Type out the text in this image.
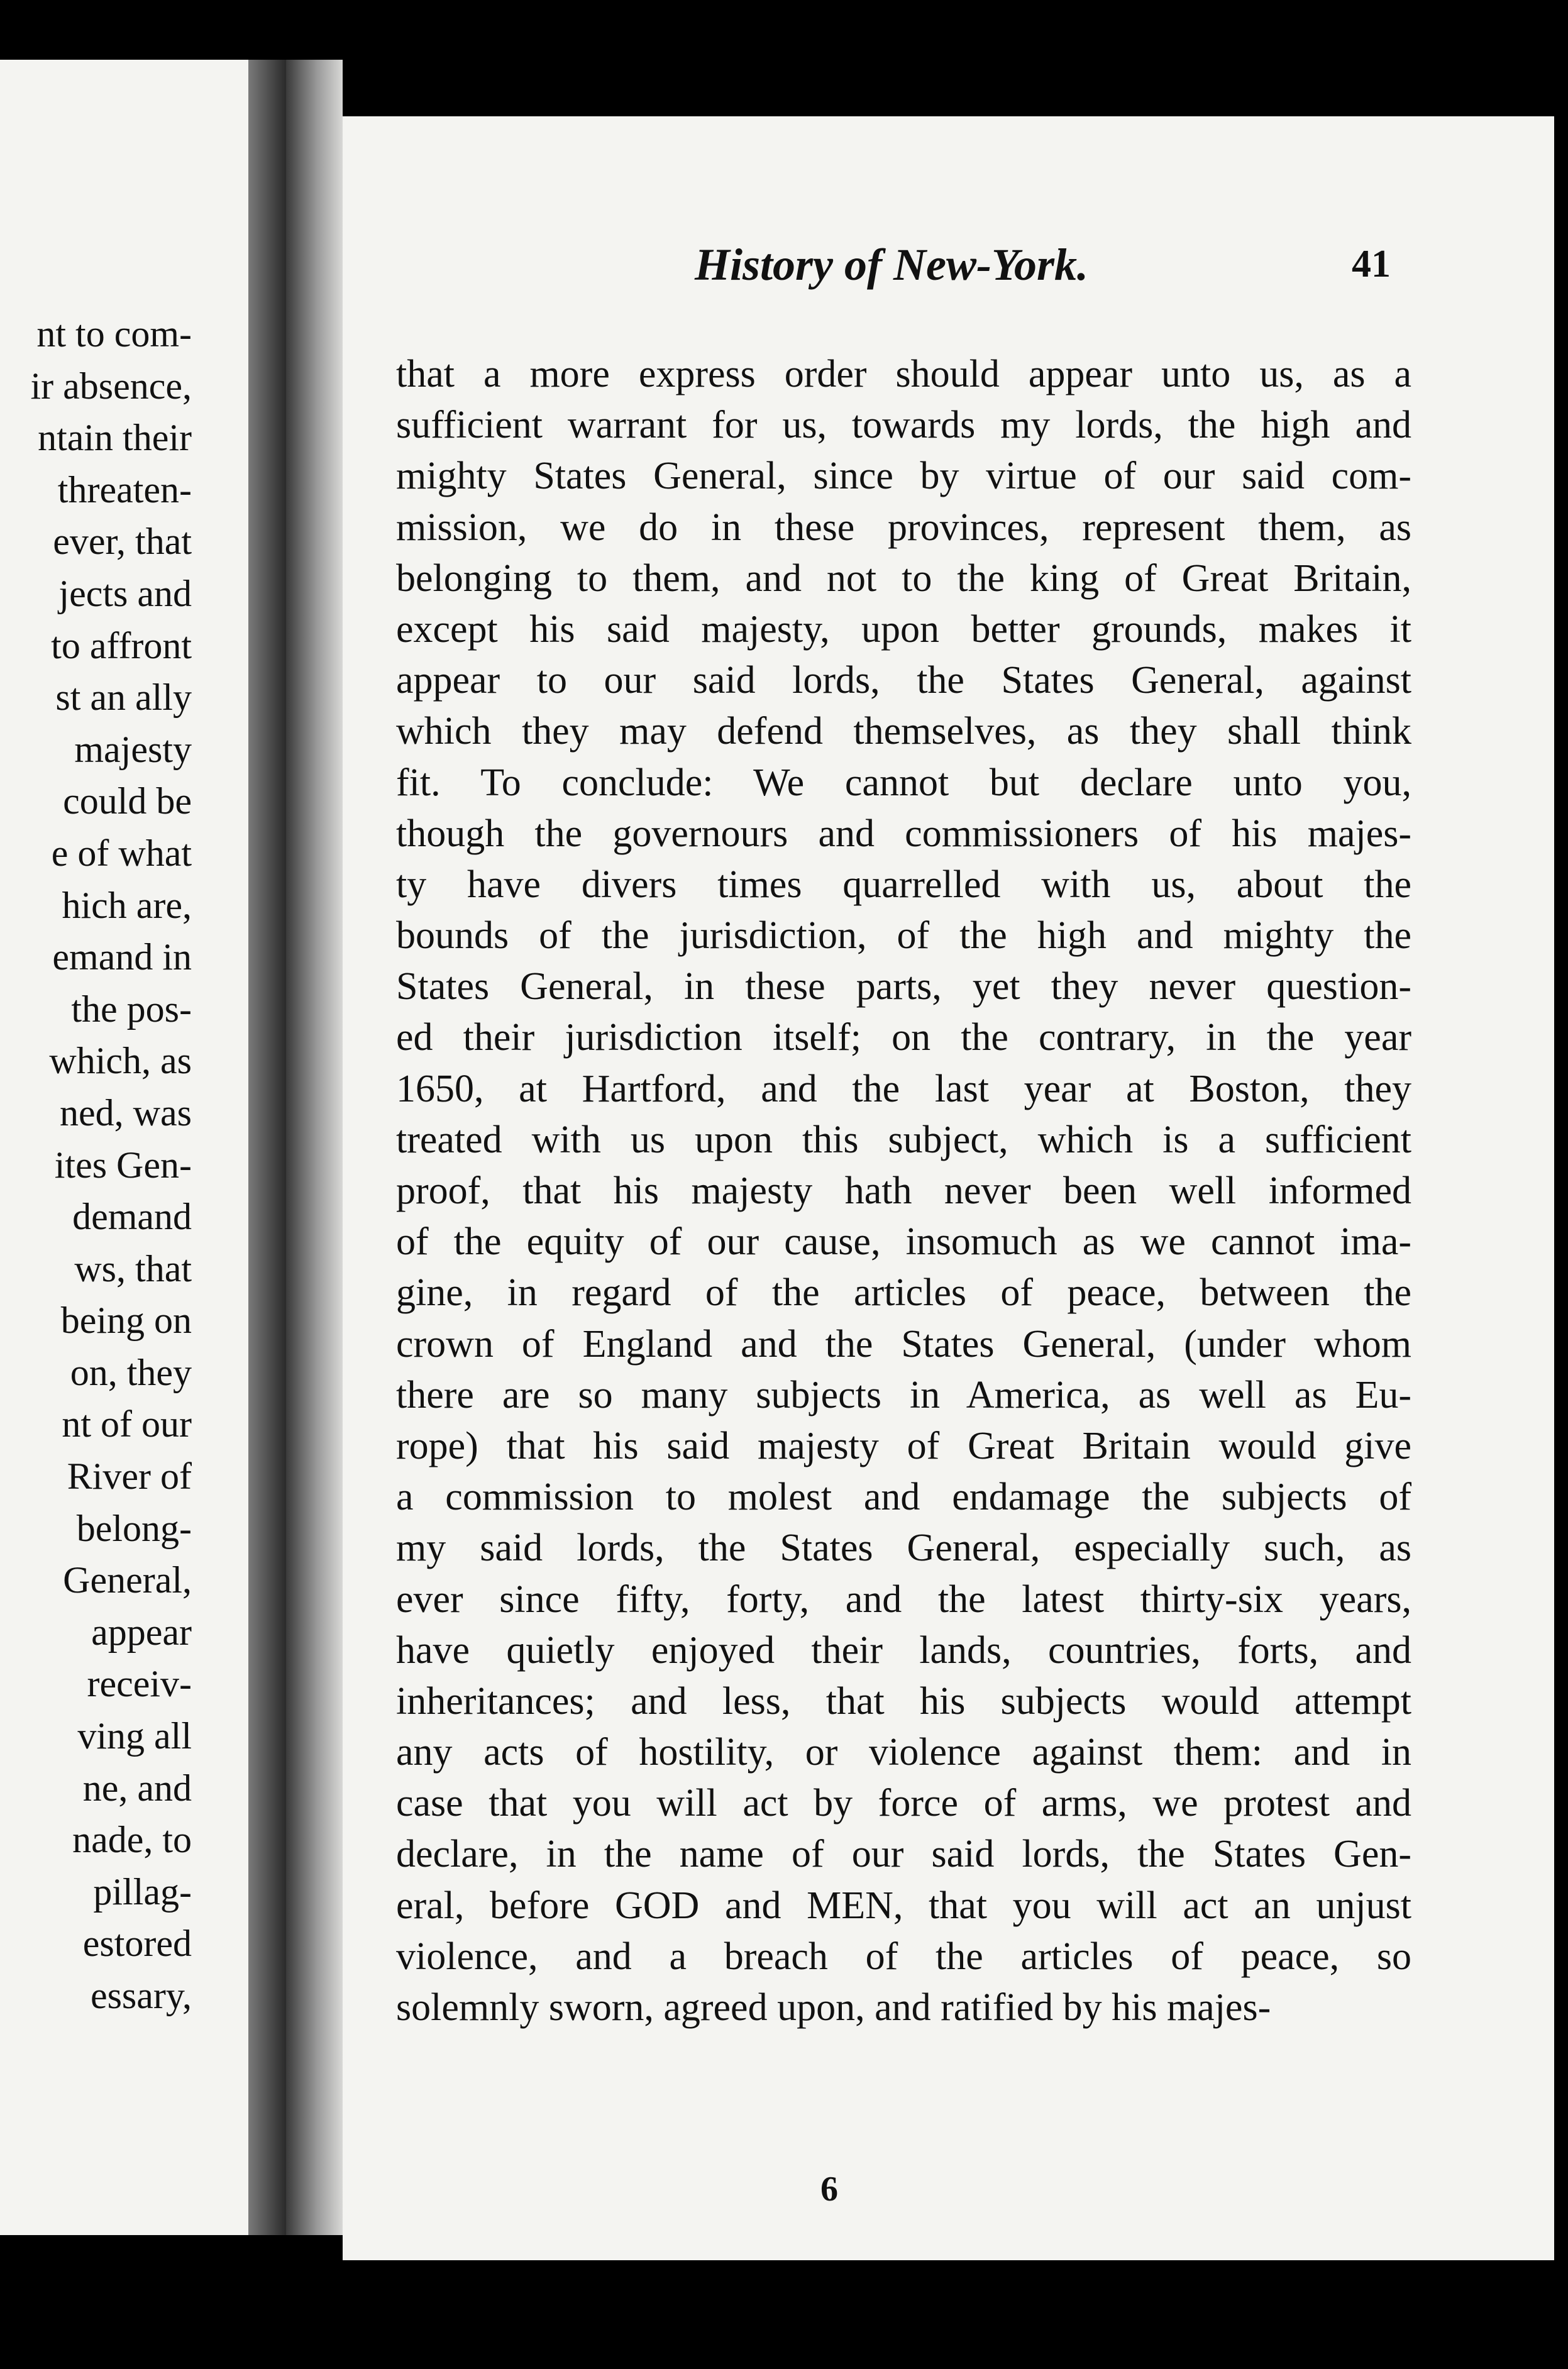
nt to com-
ir absence,
ntain their
threaten-
ever, that
jects and
to affront
st an ally
majesty
could be
e of what
hich are,
emand in
the pos-
which, as
ned, was
ites Gen-
demand
ws, that
being on
on, they
nt of our
River of
belong-
General,
appear
receiv-
ving all
ne, and
nade, to
pillag-
estored
essary,
History of New-York.	41
that a more express order should appear unto us, as a
sufficient warrant for us, towards my lords, the high and
mighty States General, since by virtue of our said com-
mission, we do in these provinces, represent them, as
belonging to them, and not to the king of Great Britain,
except his said majesty, upon better grounds, makes it
appear to our said lords, the States General, against
which they may defend themselves, as they shall think
fit. To conclude: We cannot but declare unto you,
though the governours and commissioners of his majes-
ty have divers times quarrelled with us, about the
bounds of the jurisdiction, of the high and mighty the
States General, in these parts, yet they never question-
ed their jurisdiction itself; on the contrary, in the year
1650, at Hartford, and the last year at Boston, they
treated with us upon this subject, which is a sufficient
proof, that his majesty hath never been well informed
of the equity of our cause, insomuch as we cannot ima-
gine, in regard of the articles of peace, between the
crown of England and the States General, (under whom
there are so many subjects in America, as well as Eu-
rope) that his said majesty of Great Britain would give
a commission to molest and endamage the subjects of
my said lords, the States General, especially such, as
ever since fifty, forty, and the latest thirty-six years,
have quietly enjoyed their lands, countries, forts, and
inheritances; and less, that his subjects would attempt
any acts of hostility, or violence against them: and in
case that you will act by force of arms, we protest and
declare, in the name of our said lords, the States Gen-
eral, before GOD and MEN, that you will act an unjust
violence, and a breach of the articles of peace, so
solemnly sworn, agreed upon, and ratified by his majes-
6
